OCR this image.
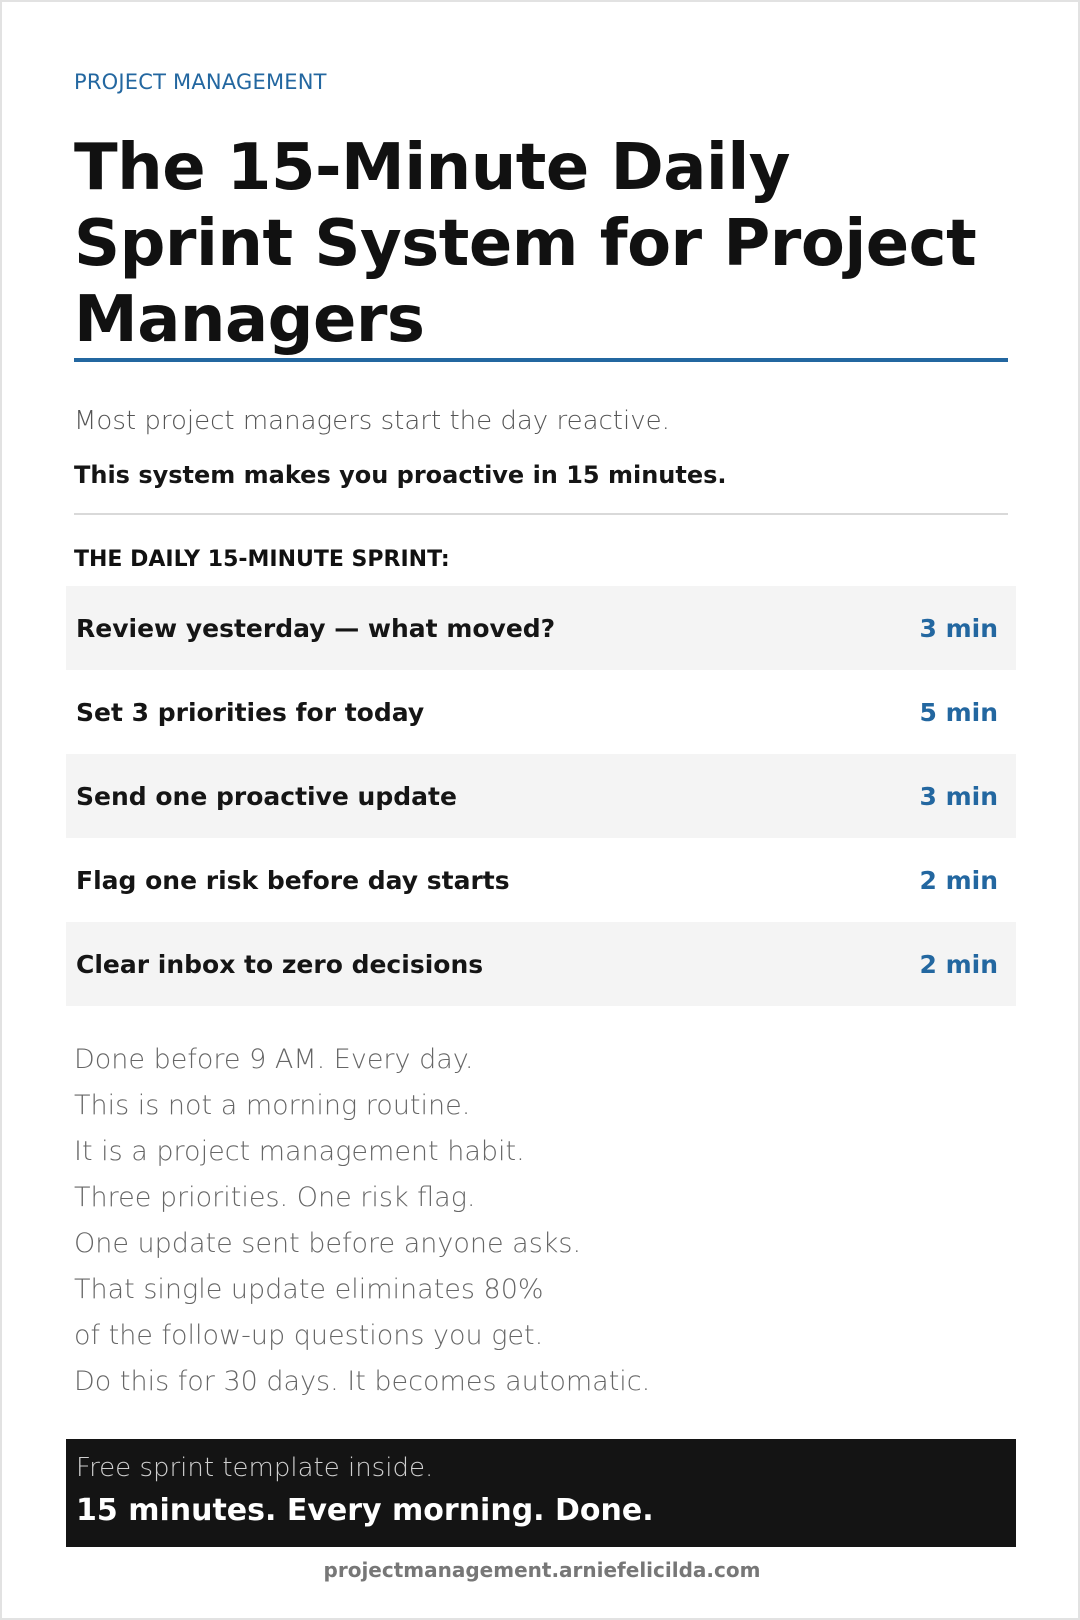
PROJECT MANAGEMENT
The 15-Minute Daily Sprint System for Project Managers
Most project managers start the day reactive.
This system makes you proactive in 15 minutes.
THE DAILY 15-MINUTE SPRINT:
Review yesterday — what moved?	3 min
Set 3 priorities for today	5 min
Send one proactive update	3 min
Flag one risk before day starts	2 min
Clear inbox to zero decisions	2 min
Done before 9 AM. Every day.
This is not a morning routine.
It is a project management habit.
Three priorities. One risk flag.
One update sent before anyone asks.
That single update eliminates 80%
of the follow-up questions you get.
Do this for 30 days. It becomes automatic.
Free sprint template inside.
15 minutes. Every morning. Done.
projectmanagement.arniefelicilda.com
